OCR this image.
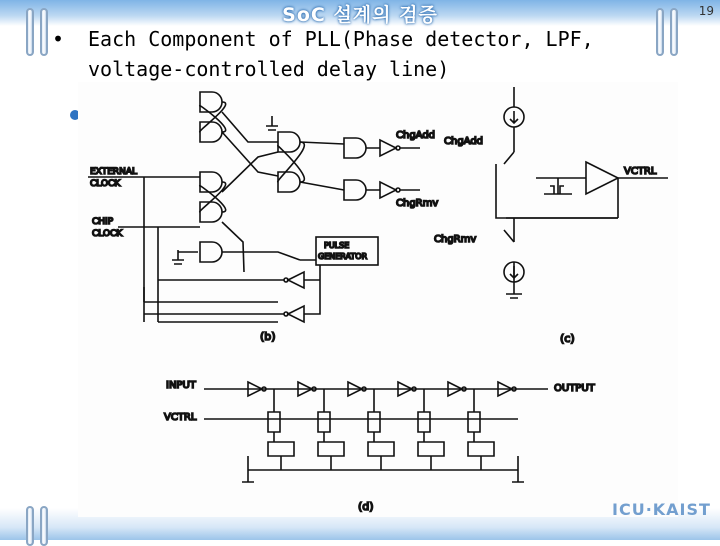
SoC 설계의 검증	19
•	Each Component of PLL(Phase detector, LPF,
voltage-controlled delay line)
EXTERNAL
CLOCK
CHIP
CLOCK
ChgAdd
ChgRmv
PULSE
GENERATOR
(b)
ChgAdd
ChgRmv
VCTRL
(c)
INPUT
VCTRL
OUTPUT
(d)	ICU·KAIST
